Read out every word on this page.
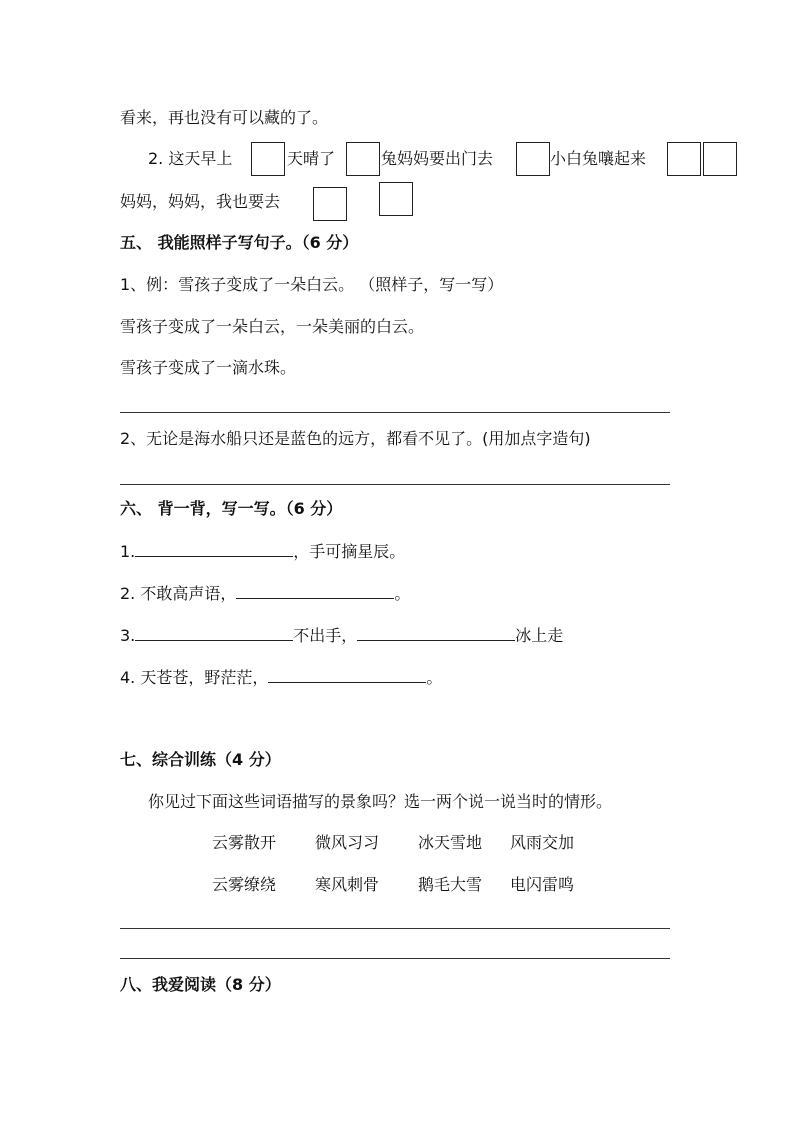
看来，再也没有可以藏的了。
2. 这天早上	天晴了	兔妈妈要出门去	小白兔嚷起来
妈妈，妈妈，我也要去
五、 我能照样子写句子。（6 分）
1、例：雪孩子变成了一朵白云。 （照样子，写一写）
雪孩子变成了一朵白云，一朵美丽的白云。
雪孩子变成了一滴水珠。
2、无论是海水船只还是蓝色的远方，都看不见了。(用加点字造句)
六、 背一背，写一写。（6 分）
1.	，手可摘星辰。
2. 不敢高声语，	。
3.	不出手，	冰上走
4. 天苍苍，野茫茫，	。
七、综合训练（4 分）
你见过下面这些词语描写的景象吗？选一两个说一说当时的情形。
云雾散开 微风习习 冰天雪地 风雨交加
云雾缭绕 寒风刺骨 鹅毛大雪 电闪雷鸣
八、我爱阅读（8 分）
